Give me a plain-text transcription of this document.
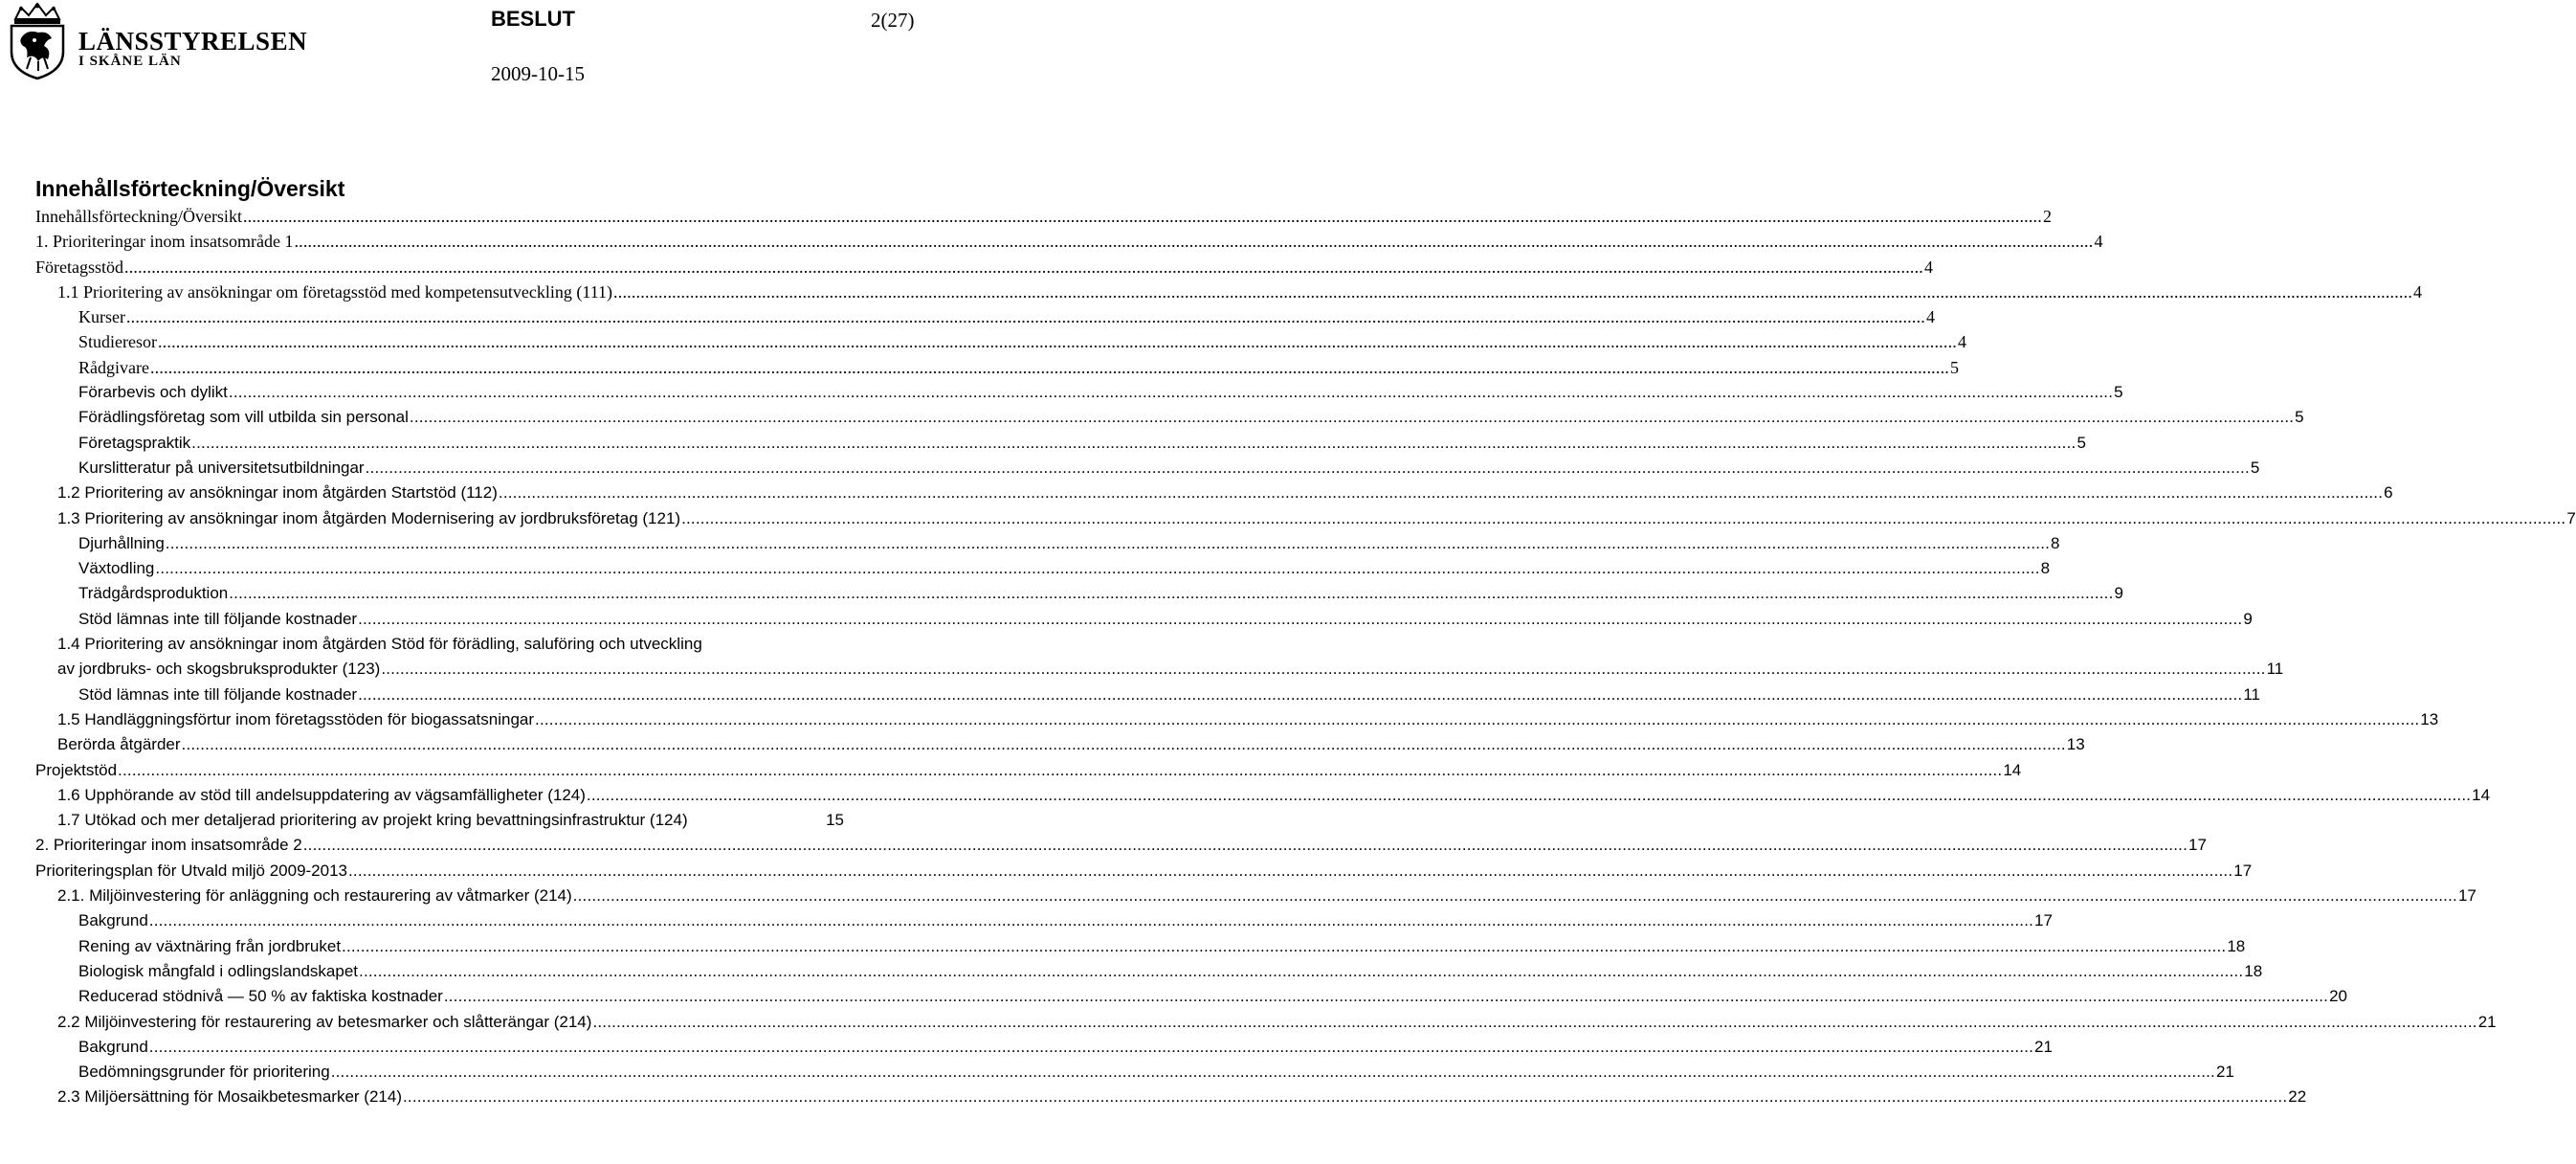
LÄNSSTYRELSEN
I SKÅNE LÄN
BESLUT	2(27)
2009-10-15
Innehållsförteckning/Översikt
Innehållsförteckning/Översikt ................................................................................................................................................................................................................................................................................................................................................................................................................ 2
1. Prioriteringar inom insatsområde 1 ................................................................................................................................................................................................................................................................................................................................................................................................................ 4
Företagsstöd ................................................................................................................................................................................................................................................................................................................................................................................................................ 4
1.1 Prioritering av ansökningar om företagsstöd med kompetensutveckling (111) ................................................................................................................................................................................................................................................................................................................................................................................................................ 4
Kurser ................................................................................................................................................................................................................................................................................................................................................................................................................ 4
Studieresor ................................................................................................................................................................................................................................................................................................................................................................................................................ 4
Rådgivare ................................................................................................................................................................................................................................................................................................................................................................................................................ 5
Förarbevis och dylikt ................................................................................................................................................................................................................................................................................................................................................................................................................ 5
Förädlingsföretag som vill utbilda sin personal ................................................................................................................................................................................................................................................................................................................................................................................................................ 5
Företagspraktik ................................................................................................................................................................................................................................................................................................................................................................................................................ 5
Kurslitteratur på universitetsutbildningar ................................................................................................................................................................................................................................................................................................................................................................................................................ 5
1.2 Prioritering av ansökningar inom åtgärden Startstöd (112) ................................................................................................................................................................................................................................................................................................................................................................................................................ 6
1.3 Prioritering av ansökningar inom åtgärden Modernisering av jordbruksföretag (121) ................................................................................................................................................................................................................................................................................................................................................................................................................ 7
Djurhållning ................................................................................................................................................................................................................................................................................................................................................................................................................ 8
Växtodling ................................................................................................................................................................................................................................................................................................................................................................................................................ 8
Trädgårdsproduktion ................................................................................................................................................................................................................................................................................................................................................................................................................ 9
Stöd lämnas inte till följande kostnader ................................................................................................................................................................................................................................................................................................................................................................................................................ 9
1.4 Prioritering av ansökningar inom åtgärden Stöd för förädling, saluföring och utveckling
av jordbruks- och skogsbruksprodukter (123) ................................................................................................................................................................................................................................................................................................................................................................................................................ 11
Stöd lämnas inte till följande kostnader ................................................................................................................................................................................................................................................................................................................................................................................................................ 11
1.5 Handläggningsförtur inom företagsstöden för biogassatsningar ................................................................................................................................................................................................................................................................................................................................................................................................................ 13
Berörda åtgärder ................................................................................................................................................................................................................................................................................................................................................................................................................ 13
Projektstöd ................................................................................................................................................................................................................................................................................................................................................................................................................ 14
1.6 Upphörande av stöd till andelsuppdatering av vägsamfälligheter (124) ................................................................................................................................................................................................................................................................................................................................................................................................................ 14
1.7 Utökad och mer detaljerad prioritering av projekt kring bevattningsinfrastruktur (124)	15
2. Prioriteringar inom insatsområde 2 ................................................................................................................................................................................................................................................................................................................................................................................................................ 17
Prioriteringsplan för Utvald miljö 2009-2013 ................................................................................................................................................................................................................................................................................................................................................................................................................ 17
2.1. Miljöinvestering för anläggning och restaurering av våtmarker (214) ................................................................................................................................................................................................................................................................................................................................................................................................................ 17
Bakgrund ................................................................................................................................................................................................................................................................................................................................................................................................................ 17
Rening av växtnäring från jordbruket ................................................................................................................................................................................................................................................................................................................................................................................................................ 18
Biologisk mångfald i odlingslandskapet ................................................................................................................................................................................................................................................................................................................................................................................................................ 18
Reducerad stödnivå — 50 % av faktiska kostnader ................................................................................................................................................................................................................................................................................................................................................................................................................ 20
2.2 Miljöinvestering för restaurering av betesmarker och slåtterängar (214) ................................................................................................................................................................................................................................................................................................................................................................................................................ 21
Bakgrund ................................................................................................................................................................................................................................................................................................................................................................................................................ 21
Bedömningsgrunder för prioritering ................................................................................................................................................................................................................................................................................................................................................................................................................ 21
2.3 Miljöersättning för Mosaikbetesmarker (214) ................................................................................................................................................................................................................................................................................................................................................................................................................ 22
